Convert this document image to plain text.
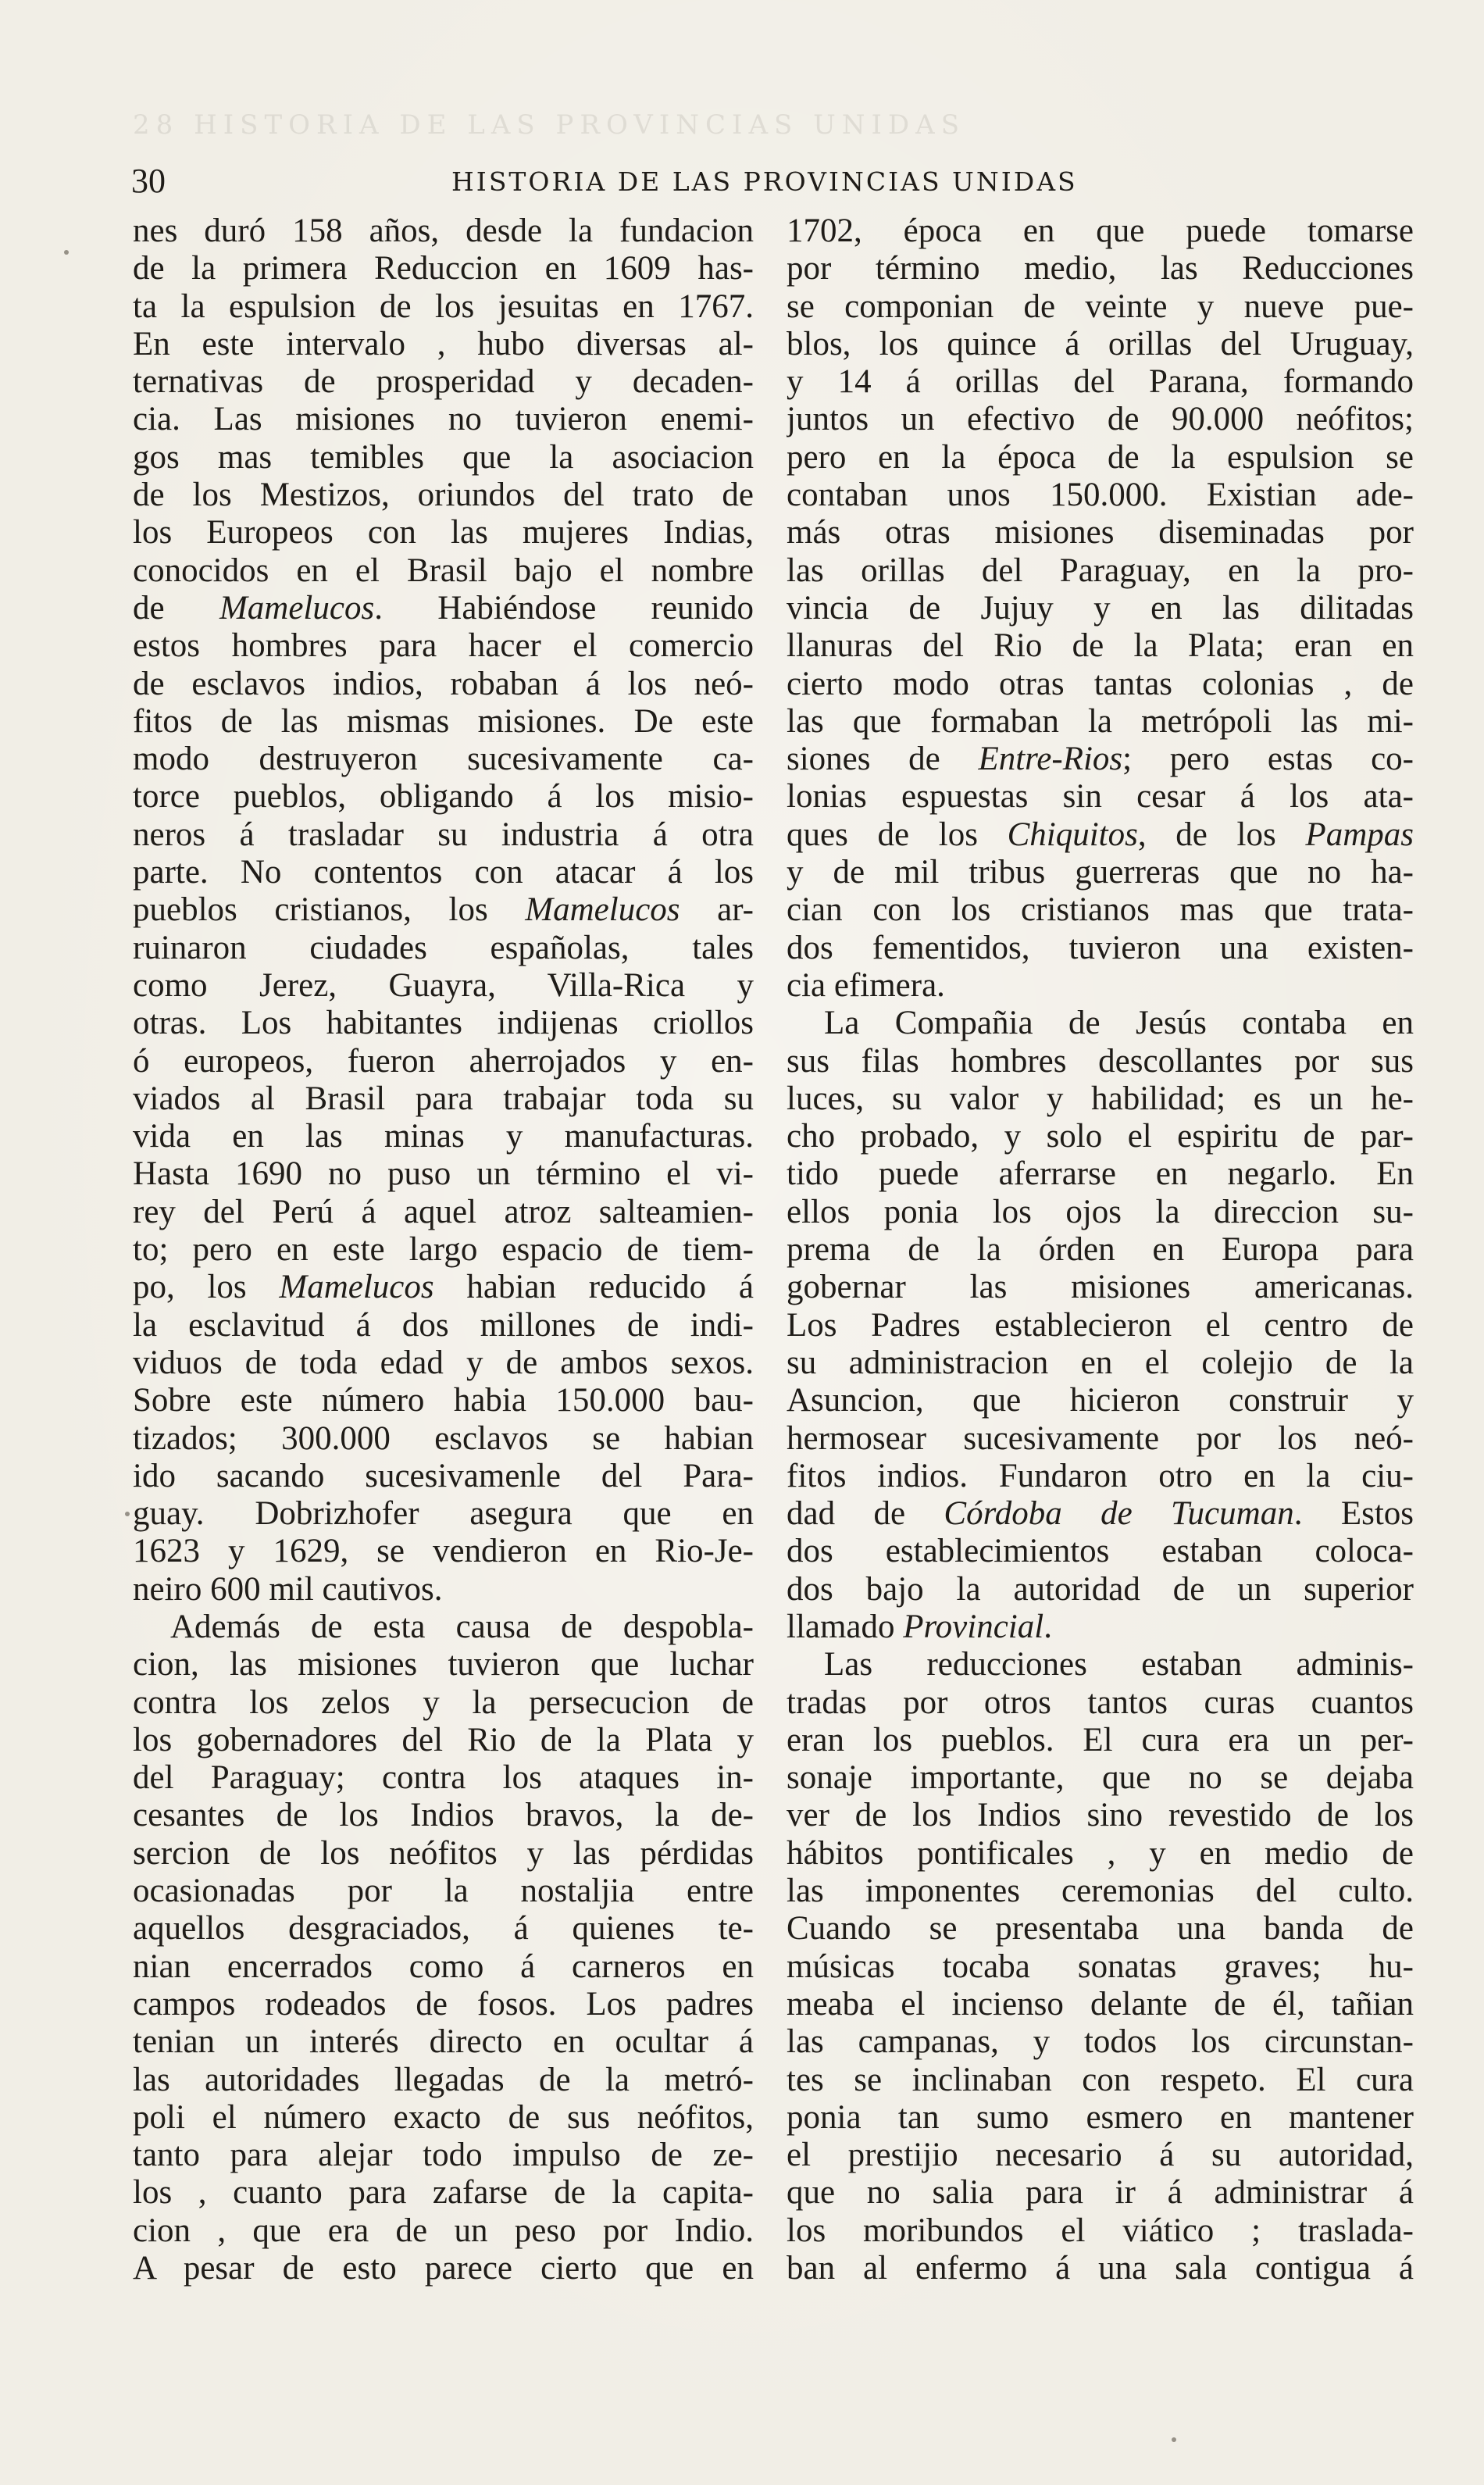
28 HISTORIA DE LAS PROVINCIAS UNIDAS
30	HISTORIA DE LAS PROVINCIAS UNIDAS
nes duró 158 años, desde la fundacion
de la primera Reduccion en 1609 has-
ta la espulsion de los jesuitas en 1767.
En este intervalo , hubo diversas al-
ternativas de prosperidad y decaden-
cia. Las misiones no tuvieron enemi-
gos mas temibles que la asociacion
de los Mestizos, oriundos del trato de
los Europeos con las mujeres Indias,
conocidos en el Brasil bajo el nombre
de Mamelucos. Habiéndose reunido
estos hombres para hacer el comercio
de esclavos indios, robaban á los neó-
fitos de las mismas misiones. De este
modo destruyeron sucesivamente ca-
torce pueblos, obligando á los misio-
neros á trasladar su industria á otra
parte. No contentos con atacar á los
pueblos cristianos, los Mamelucos ar-
ruinaron ciudades españolas, tales
como Jerez, Guayra, Villa-Rica y
otras. Los habitantes indijenas criollos
ó europeos, fueron aherrojados y en-
viados al Brasil para trabajar toda su
vida en las minas y manufacturas.
Hasta 1690 no puso un término el vi-
rey del Perú á aquel atroz salteamien-
to; pero en este largo espacio de tiem-
po, los Mamelucos habian reducido á
la esclavitud á dos millones de indi-
viduos de toda edad y de ambos sexos.
Sobre este número habia 150.000 bau-
tizados; 300.000 esclavos se habian
ido sacando sucesivamenle del Para-
guay. Dobrizhofer asegura que en
1623 y 1629, se vendieron en Rio-Je-
neiro 600 mil cautivos.
Además de esta causa de despobla-
cion, las misiones tuvieron que luchar
contra los zelos y la persecucion de
los gobernadores del Rio de la Plata y
del Paraguay; contra los ataques in-
cesantes de los Indios bravos, la de-
sercion de los neófitos y las pérdidas
ocasionadas por la nostaljia entre
aquellos desgraciados, á quienes te-
nian encerrados como á carneros en
campos rodeados de fosos. Los padres
tenian un interés directo en ocultar á
las autoridades llegadas de la metró-
poli el número exacto de sus neófitos,
tanto para alejar todo impulso de ze-
los , cuanto para zafarse de la capita-
cion , que era de un peso por Indio.
A pesar de esto parece cierto que en
1702, época en que puede tomarse
por término medio, las Reducciones
se componian de veinte y nueve pue-
blos, los quince á orillas del Uruguay,
y 14 á orillas del Parana, formando
juntos un efectivo de 90.000 neófitos;
pero en la época de la espulsion se
contaban unos 150.000. Existian ade-
más otras misiones diseminadas por
las orillas del Paraguay, en la pro-
vincia de Jujuy y en las dilitadas
llanuras del Rio de la Plata; eran en
cierto modo otras tantas colonias , de
las que formaban la metrópoli las mi-
siones de Entre-Rios; pero estas co-
lonias espuestas sin cesar á los ata-
ques de los Chiquitos, de los Pampas
y de mil tribus guerreras que no ha-
cian con los cristianos mas que trata-
dos fementidos, tuvieron una existen-
cia efimera.
La Compañia de Jesús contaba en
sus filas hombres descollantes por sus
luces, su valor y habilidad; es un he-
cho probado, y solo el espiritu de par-
tido puede aferrarse en negarlo. En
ellos ponia los ojos la direccion su-
prema de la órden en Europa para
gobernar las misiones americanas.
Los Padres establecieron el centro de
su administracion en el colejio de la
Asuncion, que hicieron construir y
hermosear sucesivamente por los neó-
fitos indios. Fundaron otro en la ciu-
dad de Córdoba de Tucuman. Estos
dos establecimientos estaban coloca-
dos bajo la autoridad de un superior
llamado Provincial.
Las reducciones estaban adminis-
tradas por otros tantos curas cuantos
eran los pueblos. El cura era un per-
sonaje importante, que no se dejaba
ver de los Indios sino revestido de los
hábitos pontificales , y en medio de
las imponentes ceremonias del culto.
Cuando se presentaba una banda de
músicas tocaba sonatas graves; hu-
meaba el incienso delante de él, tañian
las campanas, y todos los circunstan-
tes se inclinaban con respeto. El cura
ponia tan sumo esmero en mantener
el prestijio necesario á su autoridad,
que no salia para ir á administrar á
los moribundos el viático ; traslada-
ban al enfermo á una sala contigua á
